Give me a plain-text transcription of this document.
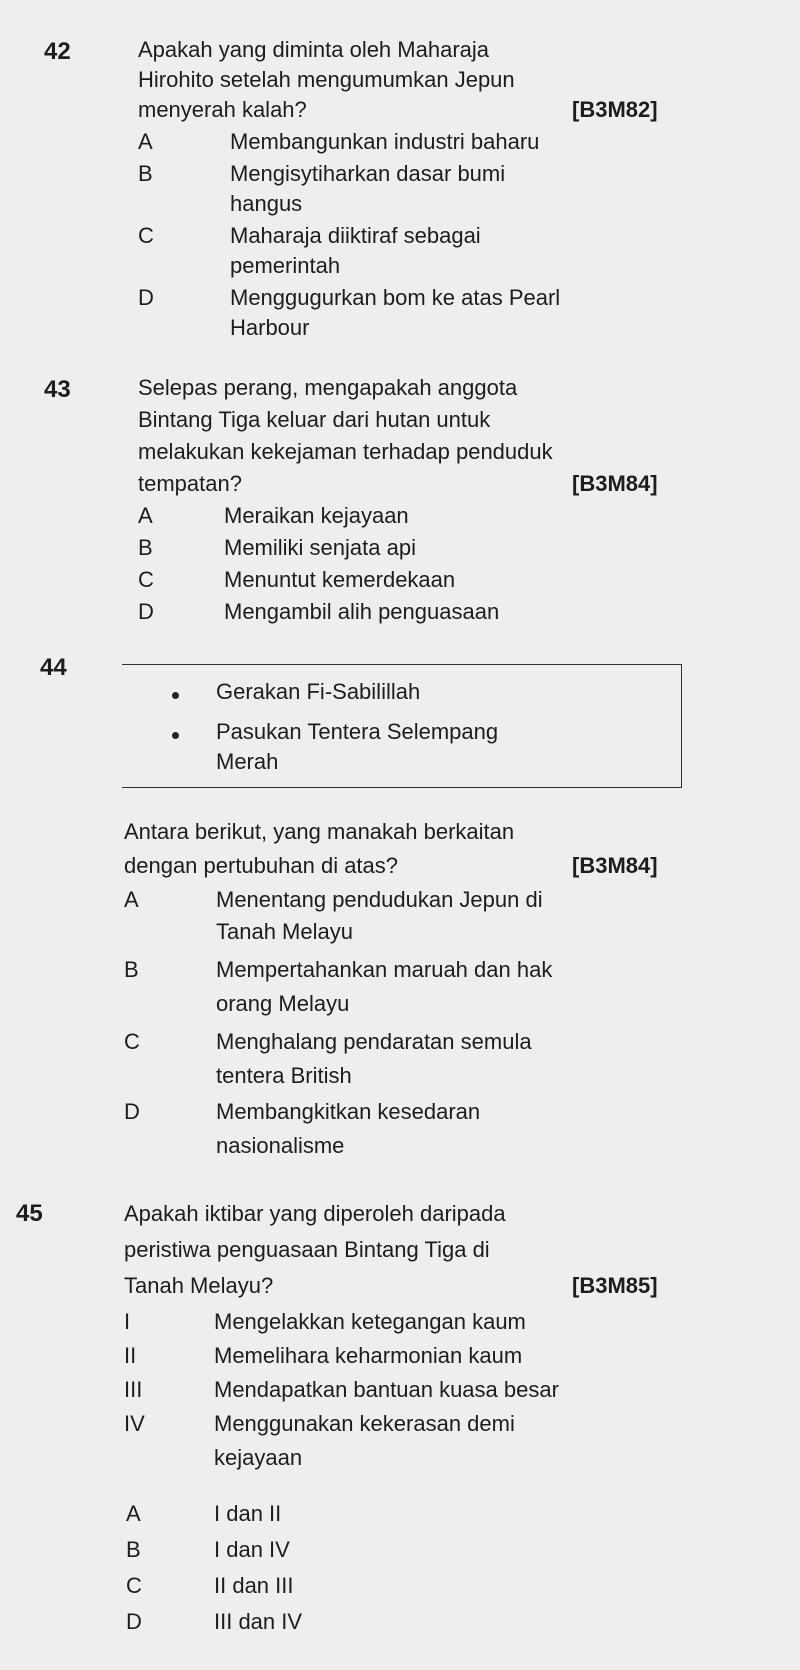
42	Apakah yang diminta oleh Maharaja
Hirohito setelah mengumumkan Jepun
menyerah kalah?	[B3M82]
A	Membangunkan industri baharu
B	Mengisytiharkan dasar bumi
hangus
C	Maharaja diiktiraf sebagai
pemerintah
D	Menggugurkan bom ke atas Pearl
Harbour
43	Selepas perang, mengapakah anggota
Bintang Tiga keluar dari hutan untuk
melakukan kekejaman terhadap penduduk
tempatan?	[B3M84]
A	Meraikan kejayaan
B	Memiliki senjata api
C	Menuntut kemerdekaan
D	Mengambil alih penguasaan
44
Gerakan Fi-Sabilillah
Pasukan Tentera Selempang
Merah
Antara berikut, yang manakah berkaitan
dengan pertubuhan di atas?	[B3M84]
A	Menentang pendudukan Jepun di
Tanah Melayu
B	Mempertahankan maruah dan hak
orang Melayu
C	Menghalang pendaratan semula
tentera British
D	Membangkitkan kesedaran
nasionalisme
45	Apakah iktibar yang diperoleh daripada
peristiwa penguasaan Bintang Tiga di
Tanah Melayu?	[B3M85]
I	Mengelakkan ketegangan kaum
II	Memelihara keharmonian kaum
III	Mendapatkan bantuan kuasa besar
IV	Menggunakan kekerasan demi
kejayaan
A	I dan II
B	I dan IV
C	II dan III
D	III dan IV
